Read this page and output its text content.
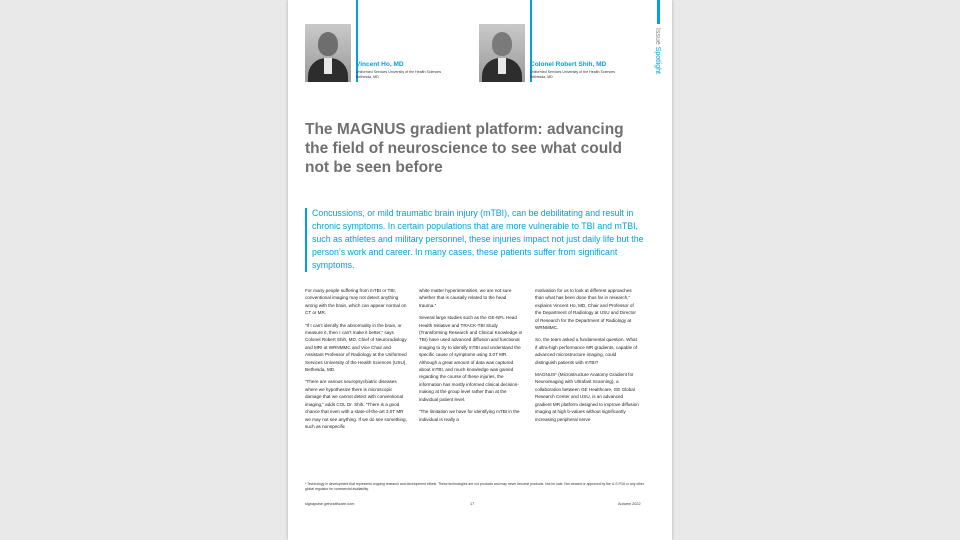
Vincent Ho, MD
Uniformed Services University of the Health Sciences
Bethesda, MD
Colonel Robert Shih, MD
Uniformed Services University of the Health Sciences
Bethesda, MD
Issue Spotlight
The MAGNUS gradient platform: advancing the field of neuroscience to see what could not be seen before
Concussions, or mild traumatic brain injury (mTBI), can be debilitating and result in chronic symptoms. In certain populations that are more vulnerable to TBI and mTBI, such as athletes and military personnel, these injuries impact not just daily life but the person’s work and career. In many cases, these patients suffer from significant symptoms.

For many people suffering from mTBI or TBI, conventional imaging may not detect anything wrong with the brain, which can appear normal on CT or MR.

“If I can’t identify the abnormality in the brain, or measure it, then I can’t make it better,” says Colonel Robert Shih, MD, Chief of Neuroradiology and MRI at WRNMMC and Vice Chair and Assistant Professor of Radiology at the Uniformed Services University of the Health Sciences (USU), Bethesda, MD.

“There are various neuropsychiatric diseases where we hypothesize there is microscopic damage that we cannot detect with conventional imaging,” adds COL Dr. Shih. “There is a good chance that even with a state-of-the-art 3.0T MR we may not see anything. If we do see something, such as nonspecific

white matter hyperintensities, we are not sure whether that is causally related to the head trauma.”

Several large studies such as the GE-NFL Head Health Initiative and TRACK-TBI Study (Transforming Research and Clinical Knowledge in TBI) have used advanced diffusion and functional imaging to try to identify mTBI and understand the specific cause of symptoms using 3.0T MR. Although a great amount of data was captured about mTBI, and much knowledge was gained regarding the course of these injuries, the information has mostly informed clinical decision-making at the group level rather than at the individual patient level.

“The limitation we have for identifying mTBI in the individual is really a

motivation for us to look at different approaches than what has been done thus far in research,” explains Vincent Ho, MD, Chair and Professor of the Department of Radiology at USU and Director of Research for the Department of Radiology at WRNMMC.

So, the team asked a fundamental question. What if ultra-high performance MR gradients, capable of advanced microstructure imaging, could distinguish patients with mTBI?

MAGNUS* (Microstructure Anatomy Gradient for Neuroimaging with Ultrafast Scanning), a collaboration between GE Healthcare, GE Global Research Center and USU, is an advanced gradient MR platform designed to improve diffusion imaging at high b-values without significantly increasing peripheral nerve

* Technology in development that represents ongoing research and development efforts. These technologies are not products and may never become products. Not for sale. Not cleared or approved by the U.S FDA or any other global regulator for commercial availability.
signapulse.gehealthcare.com	17	Autumn 2022
